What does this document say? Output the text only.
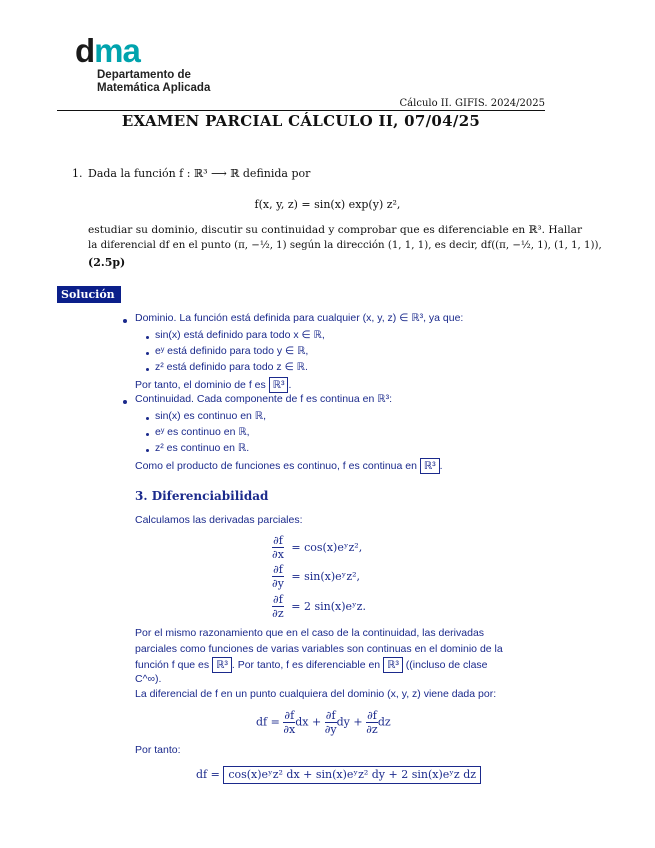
dma
Departamento de
Matemática Aplicada
Cálculo II. GIFIS. 2024/2025
EXAMEN PARCIAL CÁLCULO II, 07/04/25
1. Dada la función f : ℝ³ ⟶ ℝ definida por
f(x, y, z) = sin(x) exp(y) z²,
estudiar su dominio, discutir su continuidad y comprobar que es diferenciable en ℝ³. Hallar
la diferencial df en el punto (π, −½, 1) según la dirección (1, 1, 1), es decir, df((π, −½, 1), (1, 1, 1)),
(2.5p)
Solución
Dominio. La función está definida para cualquier (x, y, z) ∈ ℝ³, ya que:
sin(x) está definido para todo x ∈ ℝ,
eʸ está definido para todo y ∈ ℝ,
z² está definido para todo z ∈ ℝ.
Por tanto, el dominio de f es ℝ³ .
Continuidad. Cada componente de f es continua en ℝ³:
sin(x) es continuo en ℝ,
eʸ es continuo en ℝ,
z² es continuo en ℝ.
Como el producto de funciones es continuo, f es continua en ℝ³ .
3. Diferenciabilidad
Calculamos las derivadas parciales:
$\frac{\partial f}{\partial x}$ = cos(x)eʸz²,
$\frac{\partial f}{\partial y}$ = sin(x)eʸz²,
$\frac{\partial f}{\partial z} = 2$ sin(x)eʸz.
Por el mismo razonamiento que en el caso de la continuidad, las derivadas
parciales como funciones de varias variables son continuas en el dominio de la
función f que es ℝ³ . Por tanto, f es diferenciable en ℝ³ ((incluso de clase
C^∞).
La diferencial de f en un punto cualquiera del dominio (x, y, z) viene dada por:
df = $\frac{\partial f}{\partial x}$ dx + $\frac{\partial f}{\partial y}$ dy + $\frac{\partial f}{\partial z}$ dz
Por tanto:
df = cos(x)eʸz² dx + sin(x)eʸz² dy + 2 sin(x)eʸz dz
